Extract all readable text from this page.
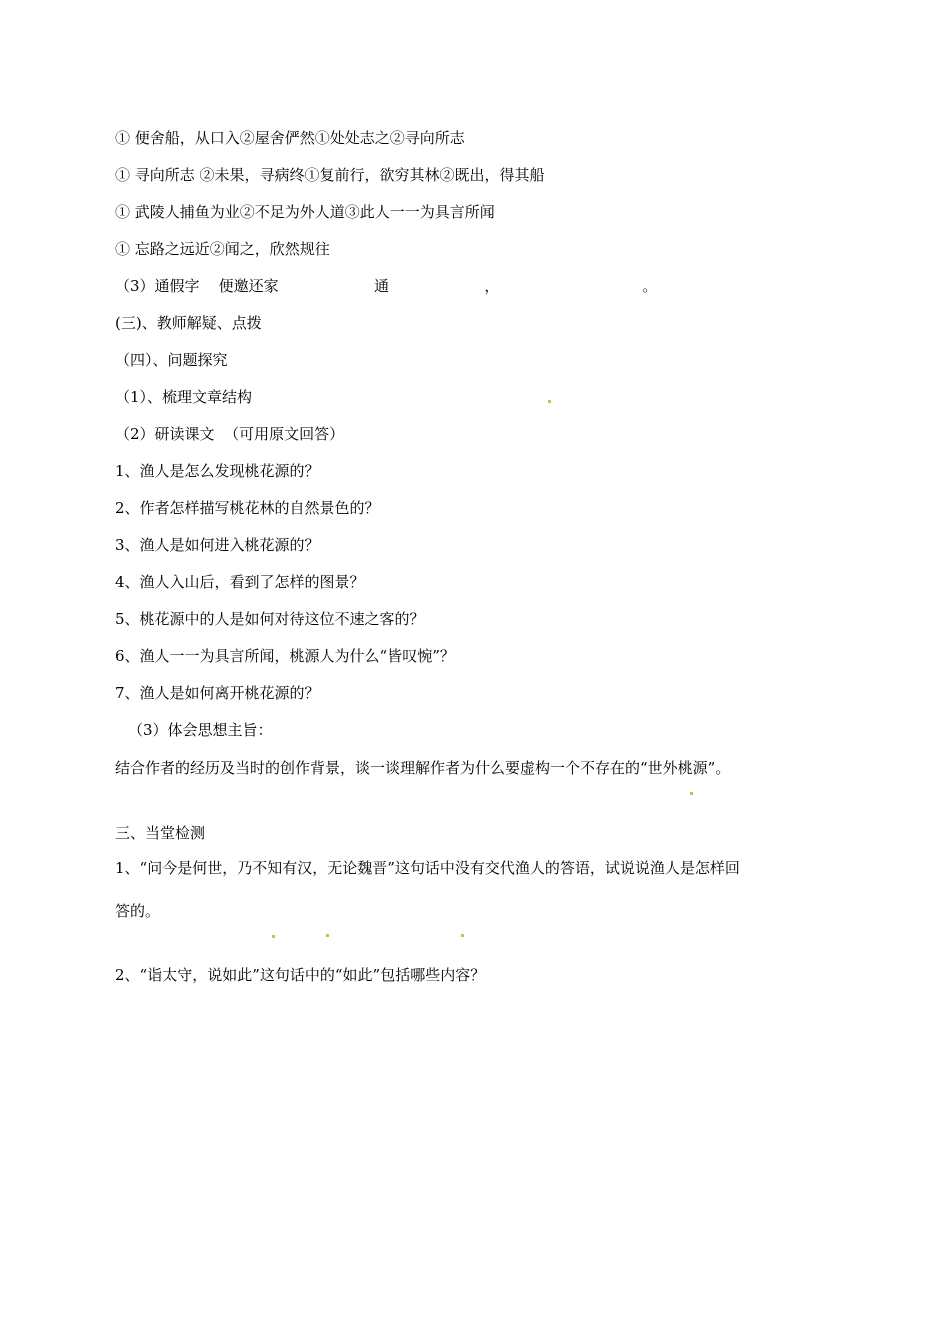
① 便舍船，从口入②屋舍俨然①处处志之②寻向所志
① 寻向所志 ②未果，寻病终①复前行，欲穷其林②既出，得其船
① 武陵人捕鱼为业②不足为外人道③此人一一为具言所闻
① 忘路之远近②闻之，欣然规往
（3）通假字    便邀还家                    通                    ，                              。
(三)、教师解疑、点拨
（四）、问题探究
（1）、梳理文章结构
（2）研读课文  （可用原文回答）
1、渔人是怎么发现桃花源的？
2、作者怎样描写桃花林的自然景色的？
3、渔人是如何进入桃花源的？
4、渔人入山后，看到了怎样的图景？
5、桃花源中的人是如何对待这位不速之客的？
6、渔人一一为具言所闻，桃源人为什么“皆叹惋”？
7、渔人是如何离开桃花源的？
（3）体会思想主旨：
结合作者的经历及当时的创作背景，谈一谈理解作者为什么要虚构一个不存在的“世外桃源”。
三、当堂检测
1、“问今是何世，乃不知有汉，无论魏晋”这句话中没有交代渔人的答语，试说说渔人是怎样回
答的。
2、“诣太守，说如此”这句话中的“如此”包括哪些内容？
